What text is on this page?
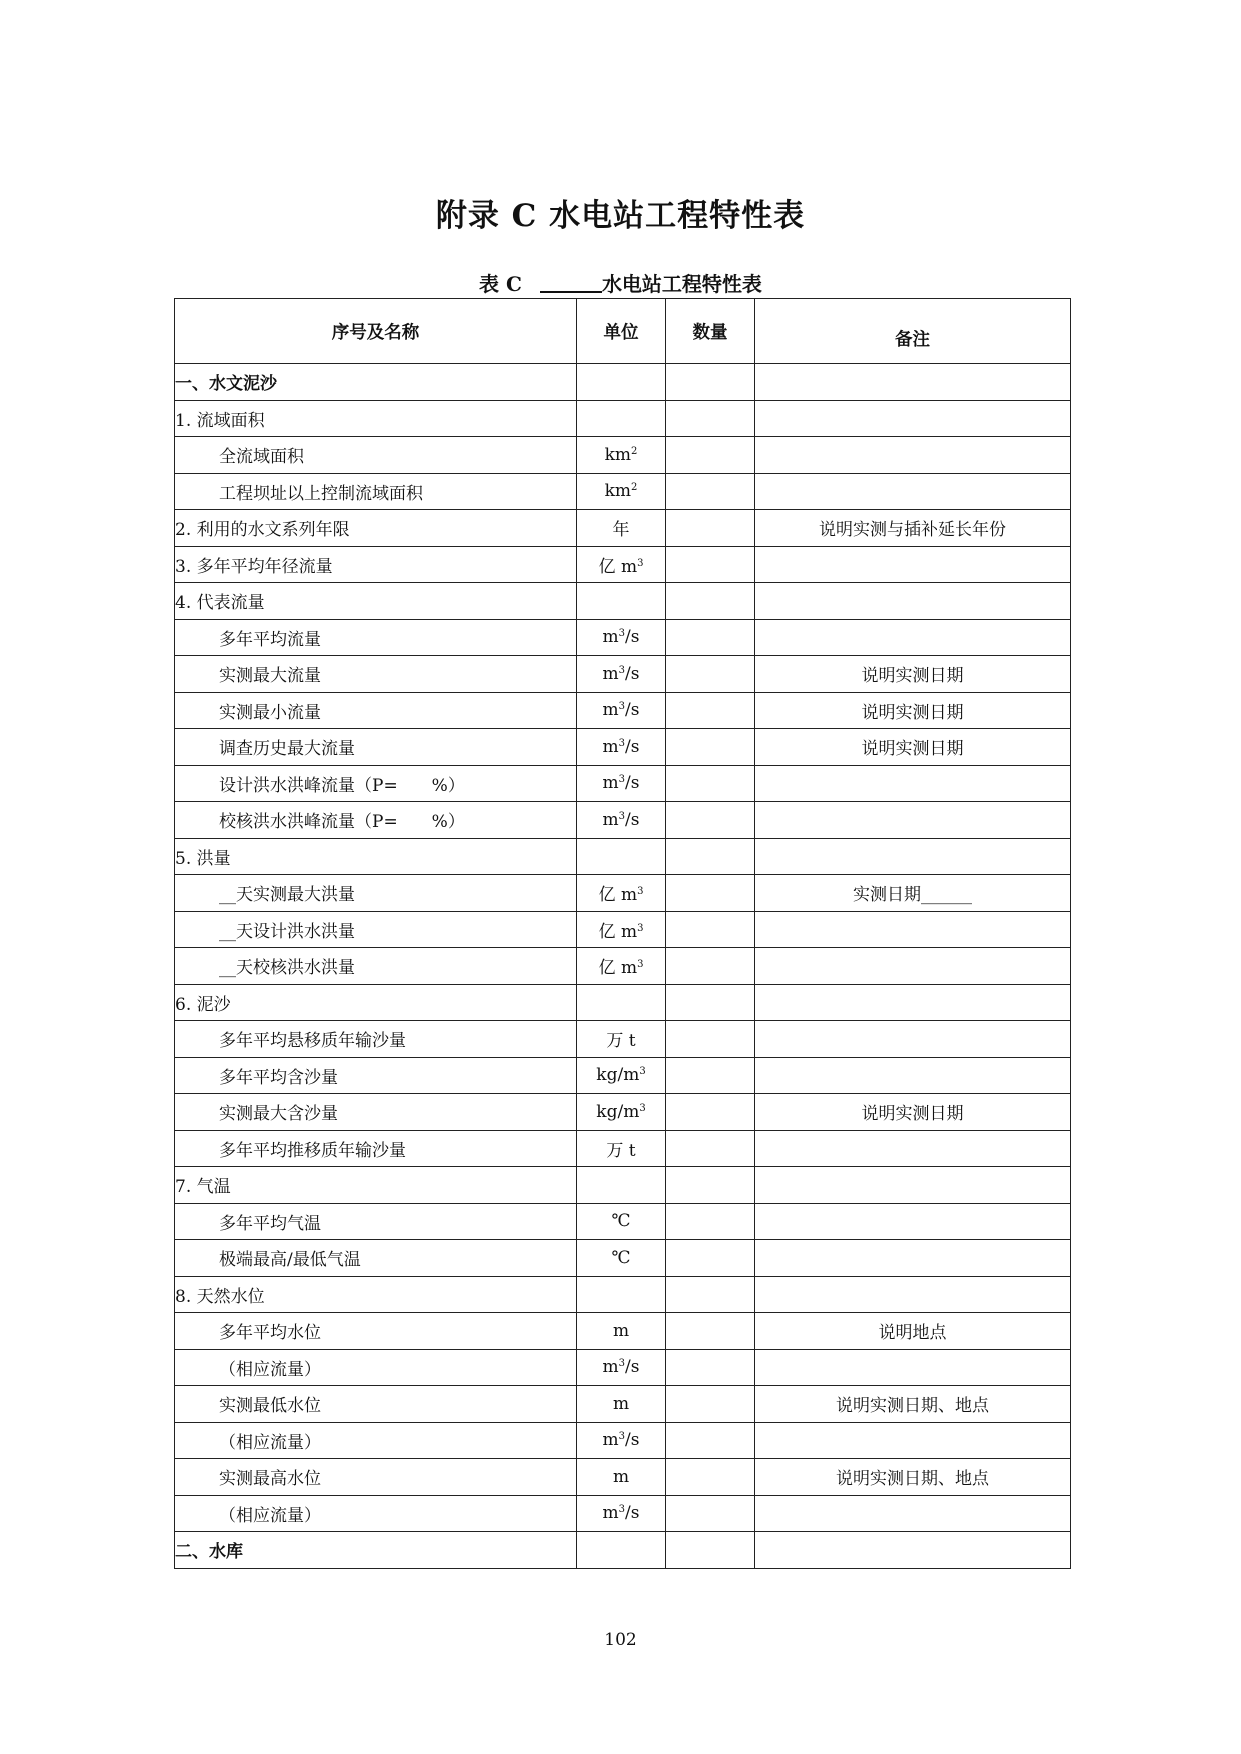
附录 C 水电站工程特性表
表 C	水电站工程特性表
序号及名称	单位	数量	备注
一、水文泥沙			
1. 流域面积			
全流域面积	$km^2$		
工程坝址以上控制流域面积	$km^2$		
2. 利用的水文系列年限	年		说明实测与插补延长年份
3. 多年平均年径流量	亿 $m^3$		
4. 代表流量			
多年平均流量	$m^3/s$		
实测最大流量	$m^3/s$		说明实测日期
实测最小流量	$m^3/s$		说明实测日期
调查历史最大流量	$m^3/s$		说明实测日期
设计洪水洪峰流量（P=　　%）	$m^3/s$		
校核洪水洪峰流量（P=　　%）	$m^3/s$		
5. 洪量			
__天实测最大洪量	亿 $m^3$		实测日期______
__天设计洪水洪量	亿 $m^3$		
__天校核洪水洪量	亿 $m^3$		
6. 泥沙			
多年平均悬移质年输沙量	万 t		
多年平均含沙量	$kg/m^3$		
实测最大含沙量	$kg/m^3$		说明实测日期
多年平均推移质年输沙量	万 t		
7. 气温			
多年平均气温	℃		
极端最高/最低气温	℃		
8. 天然水位			
多年平均水位	m		说明地点
（相应流量）	$m^3/s$		
实测最低水位	m		说明实测日期、地点
（相应流量）	$m^3/s$		
实测最高水位	m		说明实测日期、地点
（相应流量）	$m^3/s$		
二、水库			
102
